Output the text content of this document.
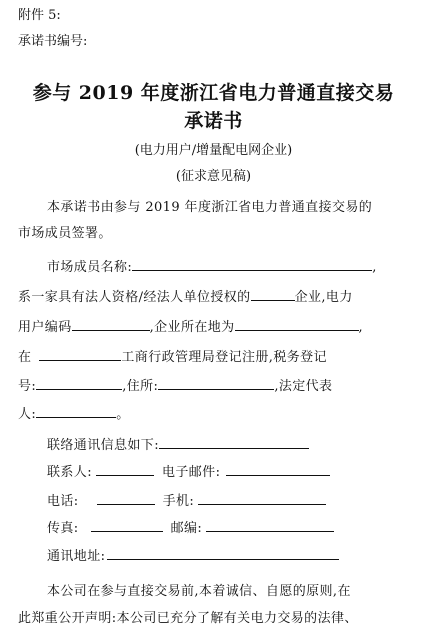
附件 5:
承诺书编号:
参与 2019 年度浙江省电力普通直接交易
承诺书
(电力用户/增量配电网企业)
(征求意见稿)
本承诺书由参与 2019 年度浙江省电力普通直接交易的
市场成员签署。
市场成员名称:	,
系一家具有法人资格/经法人单位授权的	企业,电力
用户编码	,企业所在地为	,
在	工商行政管理局登记注册,税务登记
号:	,住所:	,法定代表
人:	。
联络通讯信息如下:
联系人:	电子邮件:
电话:	手机:
传真:	邮编:
通讯地址:
本公司在参与直接交易前,本着诚信、自愿的原则,在
此郑重公开声明:本公司已充分了解有关电力交易的法律、
